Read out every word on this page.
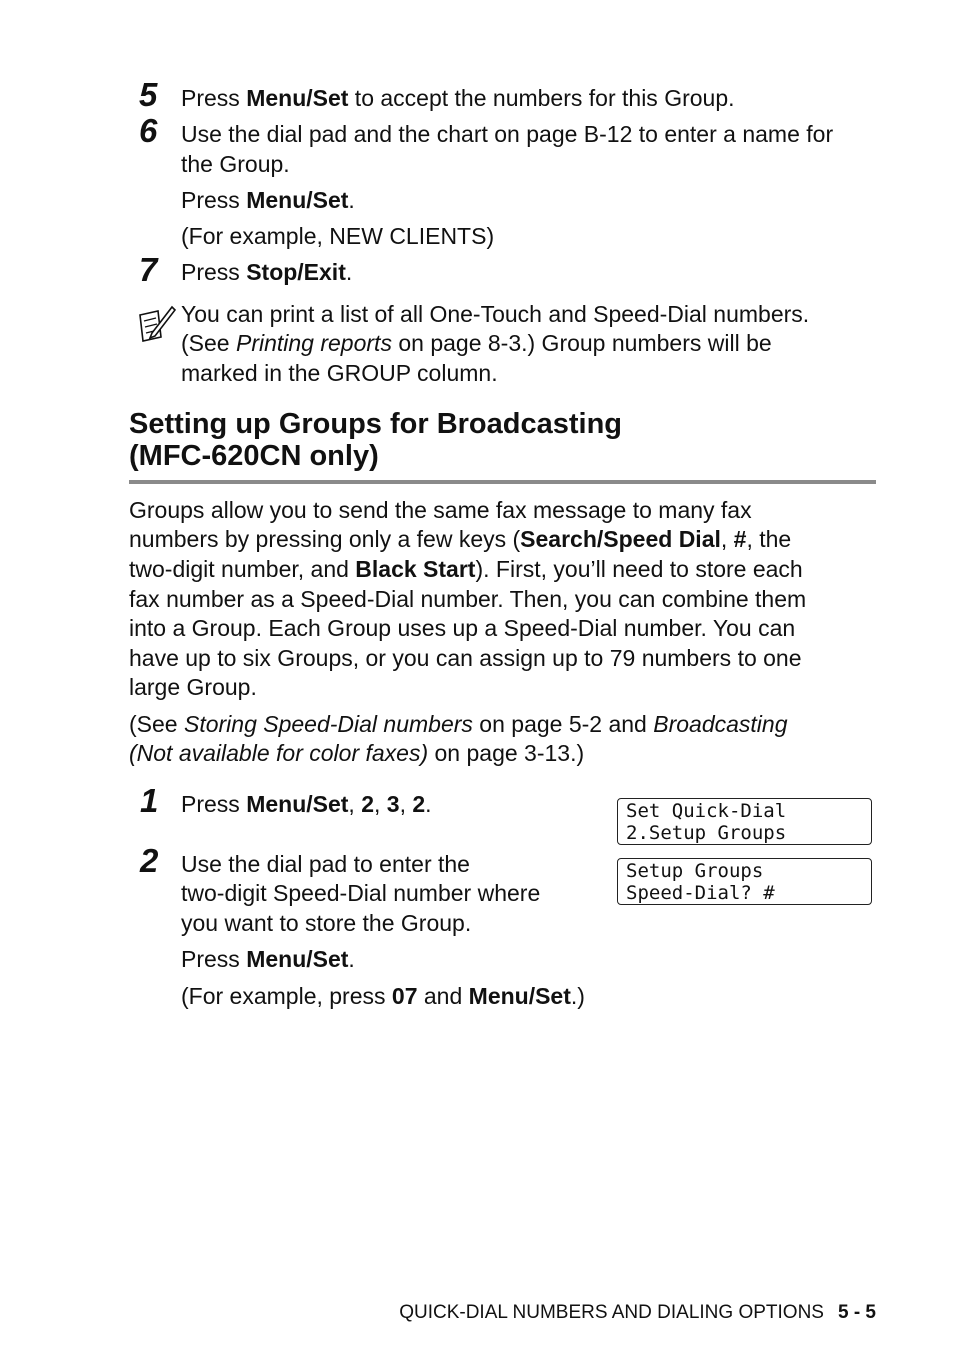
5 Press Menu/Set to accept the numbers for this Group.
6 Use the dial pad and the chart on page B-12 to enter a name for
the Group.
Press Menu/Set.
(For example, NEW CLIENTS)
7 Press Stop/Exit.
You can print a list of all One-Touch and Speed-Dial numbers.
(See Printing reports on page 8-3.) Group numbers will be
marked in the GROUP column.
Setting up Groups for Broadcasting
(MFC-620CN only)
Groups allow you to send the same fax message to many fax
numbers by pressing only a few keys (Search/Speed Dial, #, the
two-digit number, and Black Start). First, you’ll need to store each
fax number as a Speed-Dial number. Then, you can combine them
into a Group. Each Group uses up a Speed-Dial number. You can
have up to six Groups, or you can assign up to 79 numbers to one
large Group.
(See Storing Speed-Dial numbers on page 5-2 and Broadcasting
(Not available for color faxes) on page 3-13.)
1 Press Menu/Set, 2, 3, 2.
2 Use the dial pad to enter the
two-digit Speed-Dial number where
you want to store the Group.
Press Menu/Set.
(For example, press 07 and Menu/Set.)
Set Quick-Dial
2.Setup Groups
Setup Groups
Speed-Dial? #
QUICK-DIAL NUMBERS AND DIALING OPTIONS 5 - 5
